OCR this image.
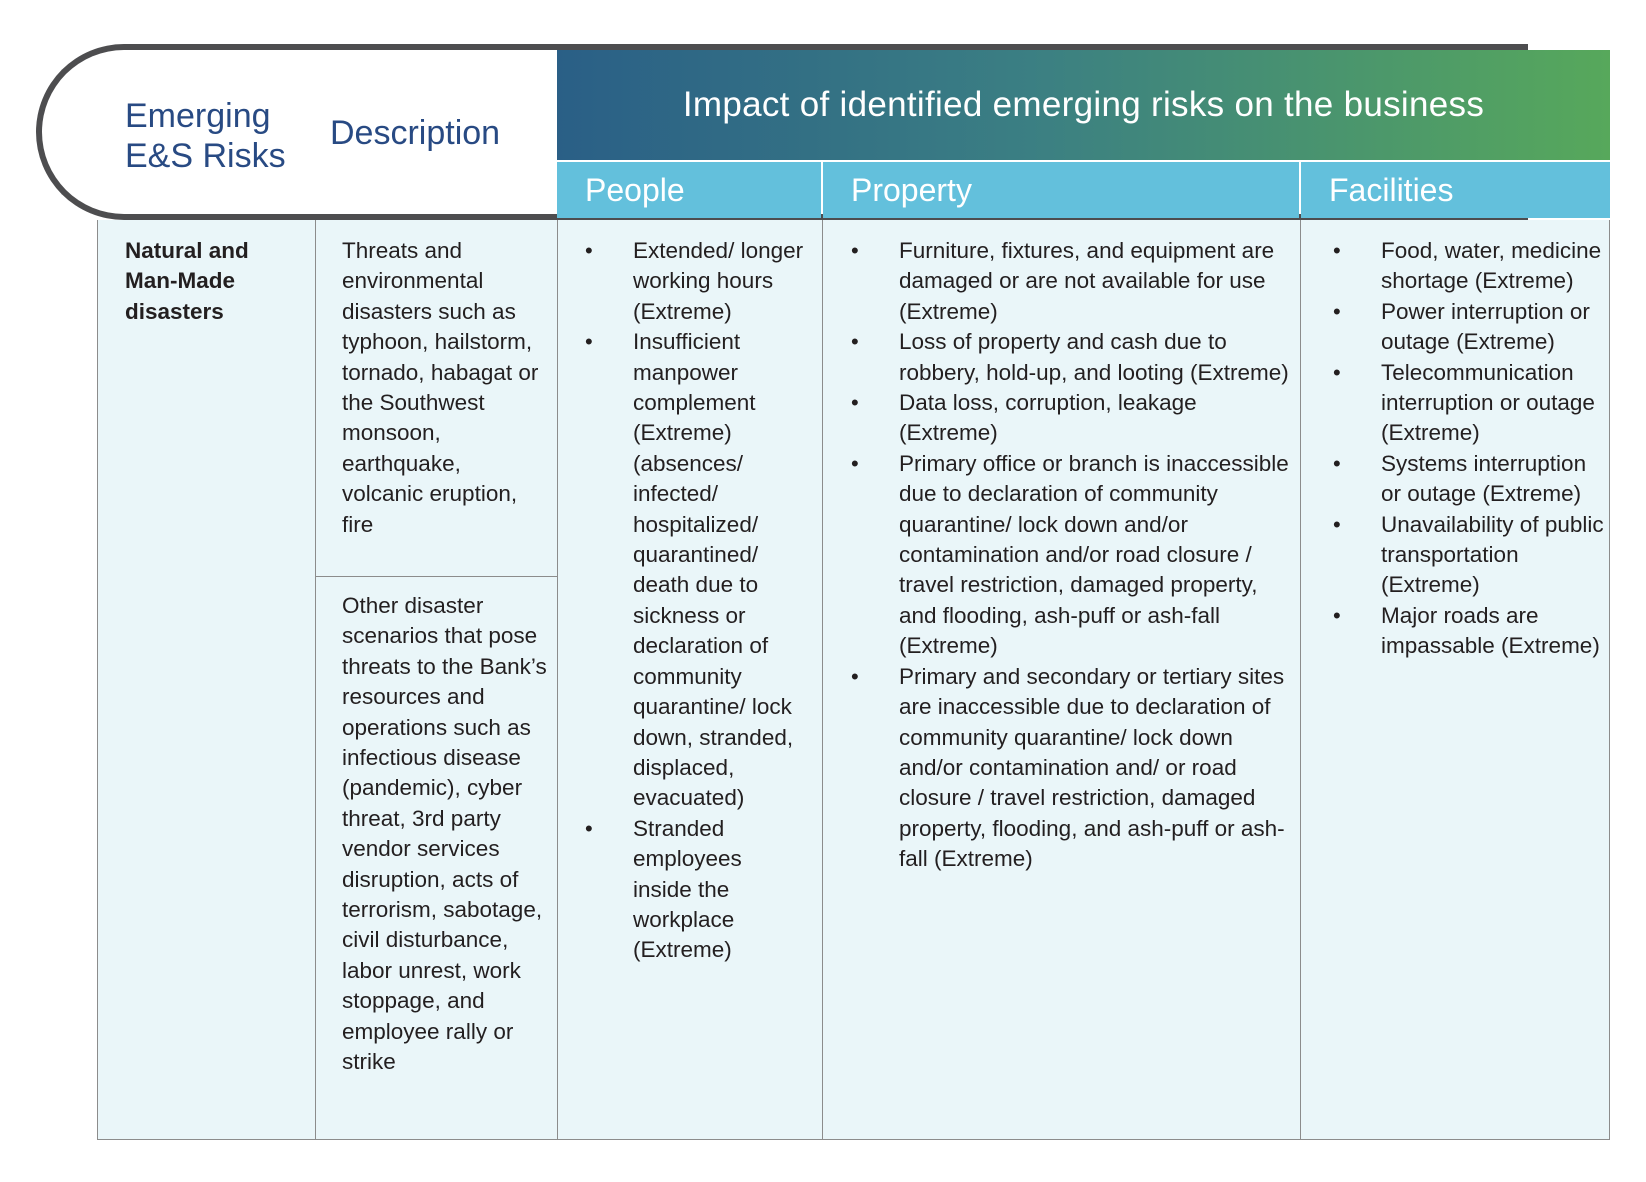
Impact of identified emerging risks on the business
Emerging E&S Risks
Description
People	Property	Facilities
Natural and Man-Made disasters
Threats and environmental disasters such as typhoon, hailstorm, tornado, habagat or the Southwest monsoon, earthquake, volcanic eruption, fire
Other disaster scenarios that pose threats to the Bank’s resources and operations such as infectious disease (pandemic), cyber threat, 3rd party vendor services disruption, acts of terrorism, sabotage, civil disturbance, labor unrest, work stoppage, and employee rally or strike
• Extended/ longer working hours (Extreme)
• Insufficient manpower complement (Extreme) (absences/ infected/ hospitalized/ quarantined/ death due to sickness or declaration of community quarantine/ lock down, stranded, displaced, evacuated)
• Stranded employees inside the workplace (Extreme)
• Furniture, fixtures, and equipment are damaged or are not available for use (Extreme)
• Loss of property and cash due to robbery, hold-up, and looting (Extreme)
• Data loss, corruption, leakage (Extreme)
• Primary office or branch is inaccessible due to declaration of community quarantine/ lock down and/or contamination and/or road closure / travel restriction, damaged property, and flooding, ash-puff or ash-fall (Extreme)
• Primary and secondary or tertiary sites are inaccessible due to declaration of community quarantine/ lock down and/or contamination and/ or road closure / travel restriction, damaged property, flooding, and ash-puff or ash-fall (Extreme)
• Food, water, medicine shortage (Extreme)
• Power interruption or outage (Extreme)
• Telecommunication interruption or outage (Extreme)
• Systems interruption or outage (Extreme)
• Unavailability of public transportation (Extreme)
• Major roads are impassable (Extreme)
